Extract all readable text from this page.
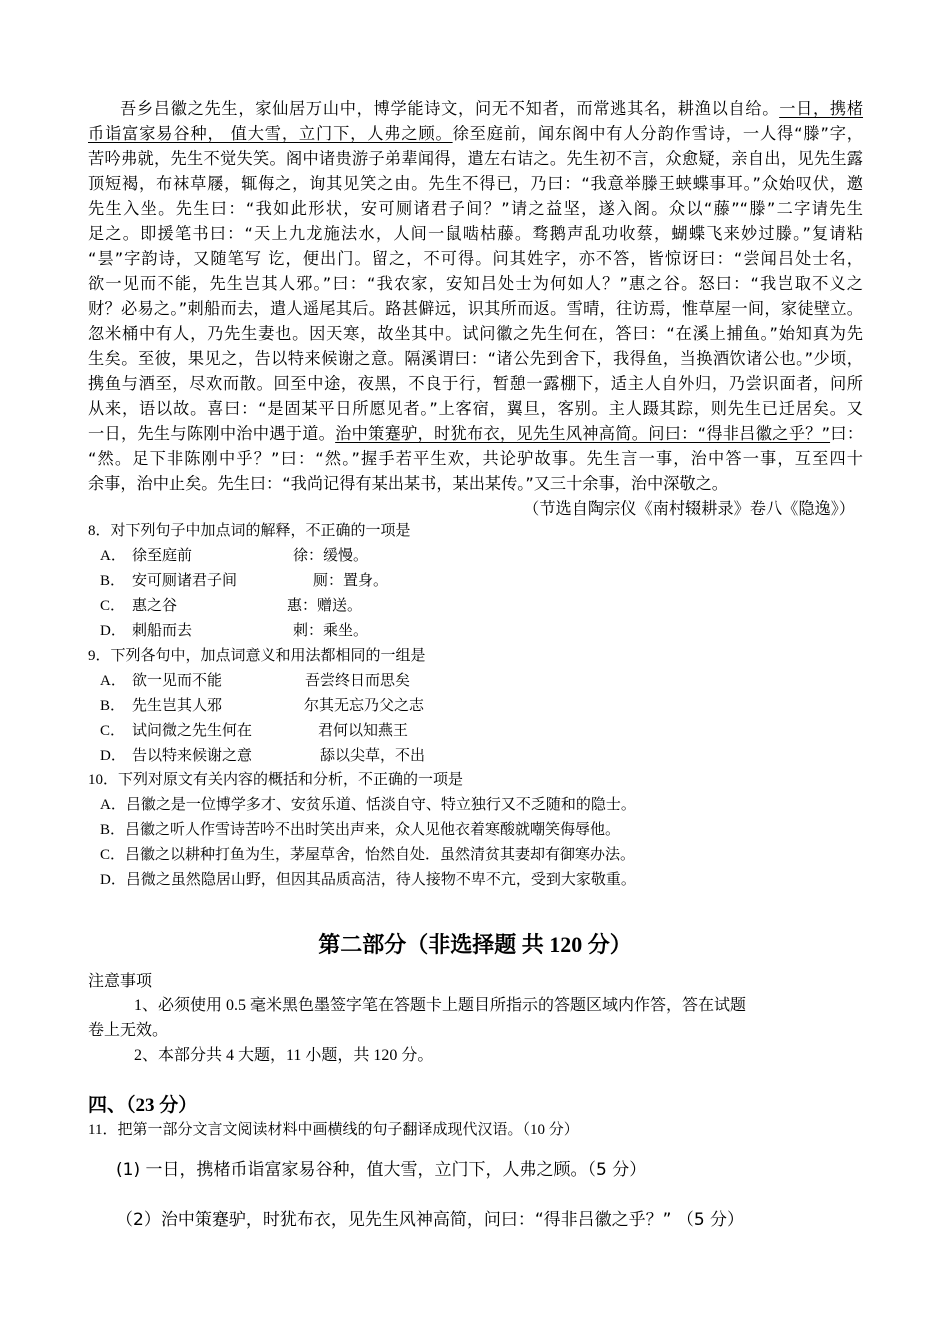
吾乡吕徽之先生，家仙居万山中，博学能诗文，问无不知者，而常逃其名，耕渔以自给。一日，携楮
币诣富家易谷种， 值大雪，立门下，人弗之顾。徐至庭前，闻东阁中有人分韵作雪诗，一人得“滕”字，
苦吟弗就，先生不觉失笑。阁中诸贵游子弟辈闻得，遣左右诘之。先生初不言，众愈疑，亲自出，见先生露
顶短褐，布袜草屦，辄侮之，询其见笑之由。先生不得已，乃曰：“我意举滕王蛱蝶事耳。”众始叹伏，邀
先生入坐。先生曰：“我如此形状，安可厕诸君子间？”请之益坚，遂入阁。众以“藤”“滕”二字请先生
足之。即援笔书曰：“天上九龙施法水，人间一鼠啮枯藤。骛鹅声乱功收蔡，蝴蝶飞来妙过滕。”复请粘
“昙”字韵诗，又随笔写 讫，便出门。留之，不可得。问其姓字，亦不答，皆惊讶曰：“尝闻吕处士名，
欲一见而不能，先生岂其人邪。”曰：“我农家，安知吕处士为何如人？”惠之谷。怒曰：“我岂取不义之
财？必易之。”刺船而去，遣人遥尾其后。路甚僻远，识其所而返。雪晴，往访焉，惟草屋一间，家徒壁立。
忽米桶中有人，乃先生妻也。因天寒，故坐其中。试问徽之先生何在，答曰：“在溪上捕鱼。”始知真为先
生矣。至彼，果见之，告以特来候谢之意。隔溪谓曰：“诸公先到舍下，我得鱼，当换酒饮诸公也。”少顷，
携鱼与酒至，尽欢而散。回至中途，夜黑，不良于行，暂憩一露棚下，适主人自外归，乃尝识面者，问所
从来，语以故。喜曰：“是固某平日所愿见者。”上客宿，翼旦，客别。主人蹑其踪，则先生已迁居矣。又
一日，先生与陈刚中治中遇于道。治中策蹇驴，时犹布衣，见先生风神高简。问曰：“得非吕徽之乎？”曰：
“然。足下非陈刚中乎？”曰：“然。”握手若平生欢，共论驴故事。先生言一事，治中答一事，互至四十
余事，治中止矣。先生曰：“我尚记得有某出某书，某出某传。”又三十余事，治中深敬之。
（节选自陶宗仪《南村辍耕录》卷八《隐逸》）
8．对下列句子中加点词的解释，不正确的一项是
A． 徐至庭前	徐：缓慢。
B． 安可厕诸君子间	厕：置身。
C． 惠之谷	惠：赠送。
D． 刺船而去	刺：乘坐。
9．下列各句中，加点词意义和用法都相同的一组是
A． 欲一见而不能	吾尝终日而思矣
B． 先生岂其人邪	尔其无忘乃父之志
C． 试问微之先生何在	君何以知燕王
D． 告以特来候谢之意	舔以尖草，不出
10．下列对原文有关内容的概括和分析，不正确的一项是
A．吕徽之是一位博学多才、安贫乐道、恬淡自守、特立独行又不乏随和的隐士。
B．吕徽之听人作雪诗苦吟不出时笑出声来，众人见他衣着寒酸就嘲笑侮辱他。
C．吕徽之以耕种打鱼为生，茅屋草舍，怡然自处．虽然清贫其妻却有御寒办法。
D．吕微之虽然隐居山野，但因其品质高洁，待人接物不卑不亢，受到大家敬重。
第二部分（非选择题 共 120 分）
注意事项
1、必须使用 0.5 毫米黑色墨签字笔在答题卡上题目所指示的答题区域内作答，答在试题
卷上无效。
2、本部分共 4 大题，11 小题，共 120 分。
四、（23 分）
11．把第一部分文言文阅读材料中画横线的句子翻译成现代汉语。（10 分）
(1) 一日，携楮币诣富家易谷种，值大雪，立门下，人弗之顾。（5 分）
（2）治中策蹇驴，时犹布衣，见先生风神高简，问曰：“得非吕徽之乎？” （5 分）
